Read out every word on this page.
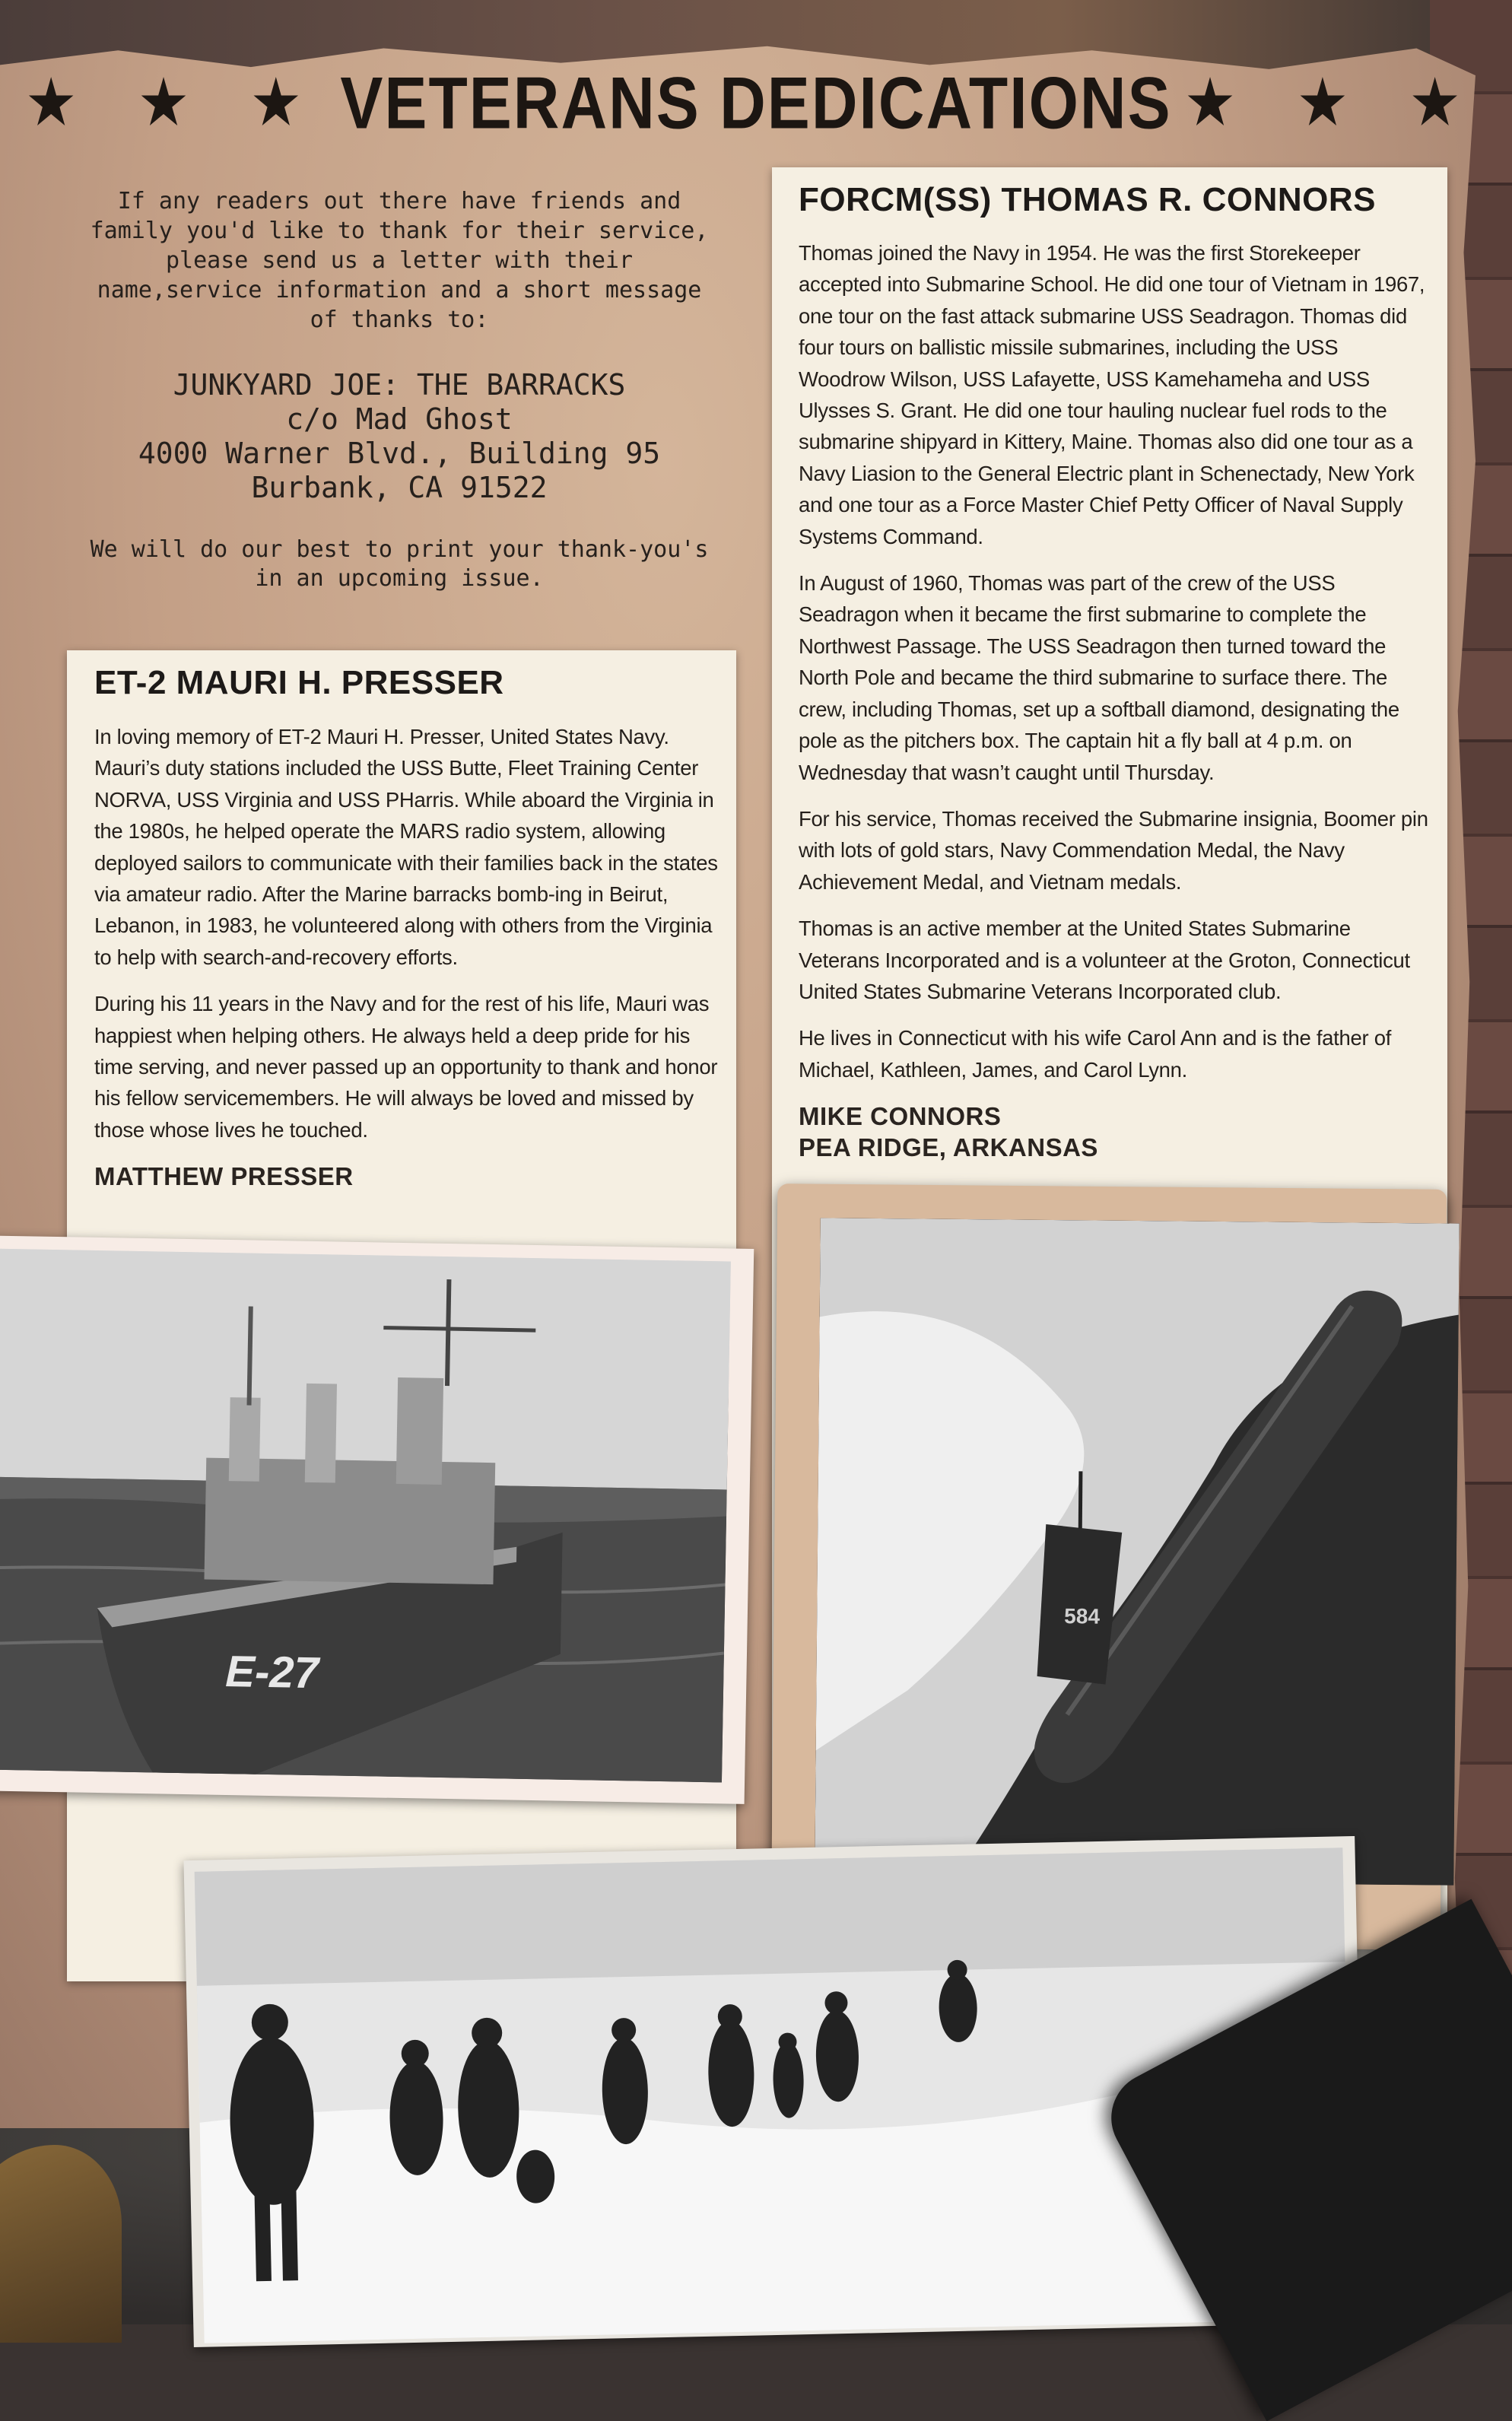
★ ★ ★ VETERANS DEDICATIONS ★ ★ ★
If any readers out there have friends and family you'd like to thank for their service, please send us a letter with their name,service information and a short message of thanks to:
JUNKYARD JOE: THE BARRACKS
c/o Mad Ghost
4000 Warner Blvd., Building 95
Burbank, CA 91522
We will do our best to print your thank-you's in an upcoming issue.
ET-2 MAURI H. PRESSER

In loving memory of ET-2 Mauri H. Presser, United States Navy. Mauri’s duty stations included the USS Butte, Fleet Training Center NORVA, USS Virginia and USS PHarris. While aboard the Virginia in the 1980s, he helped operate the MARS radio system, allowing deployed sailors to communicate with their families back in the states via amateur radio. After the Marine barracks bomb-ing in Beirut, Lebanon, in 1983, he volunteered along with others from the Virginia to help with search-and-recovery efforts.

During his 11 years in the Navy and for the rest of his life, Mauri was happiest when helping others. He always held a deep pride for his time serving, and never passed up an opportunity to thank and honor his fellow servicemembers. He will always be loved and missed by those whose lives he touched.

MATTHEW PRESSER
FORCM(SS) THOMAS R. CONNORS

Thomas joined the Navy in 1954. He was the first Storekeeper accepted into Submarine School. He did one tour of Vietnam in 1967, one tour on the fast attack submarine USS Seadragon. Thomas did four tours on ballistic missile submarines, including the USS Woodrow Wilson, USS Lafayette, USS Kamehameha and USS Ulysses S. Grant. He did one tour hauling nuclear fuel rods to the submarine shipyard in Kittery, Maine. Thomas also did one tour as a Navy Liasion to the General Electric plant in Schenectady, New York and one tour as a Force Master Chief Petty Officer of Naval Supply Systems Command.

In August of 1960, Thomas was part of the crew of the USS Seadragon when it became the first submarine to complete the Northwest Passage. The USS Seadragon then turned toward the North Pole and became the third submarine to surface there. The crew, including Thomas, set up a softball diamond, designating the pole as the pitchers box. The captain hit a fly ball at 4 p.m. on Wednesday that wasn’t caught until Thursday.

For his service, Thomas received the Submarine insignia, Boomer pin with lots of gold stars, Navy Commendation Medal, the Navy Achievement Medal, and Vietnam medals.

Thomas is an active member at the United States Submarine Veterans Incorporated and is a volunteer at the Groton, Connecticut United States Submarine Veterans Incorporated club.

He lives in Connecticut with his wife Carol Ann and is the father of Michael, Kathleen, James, and Carol Lynn.

MIKE CONNORS
PEA RIDGE, ARKANSAS
E-27
584
